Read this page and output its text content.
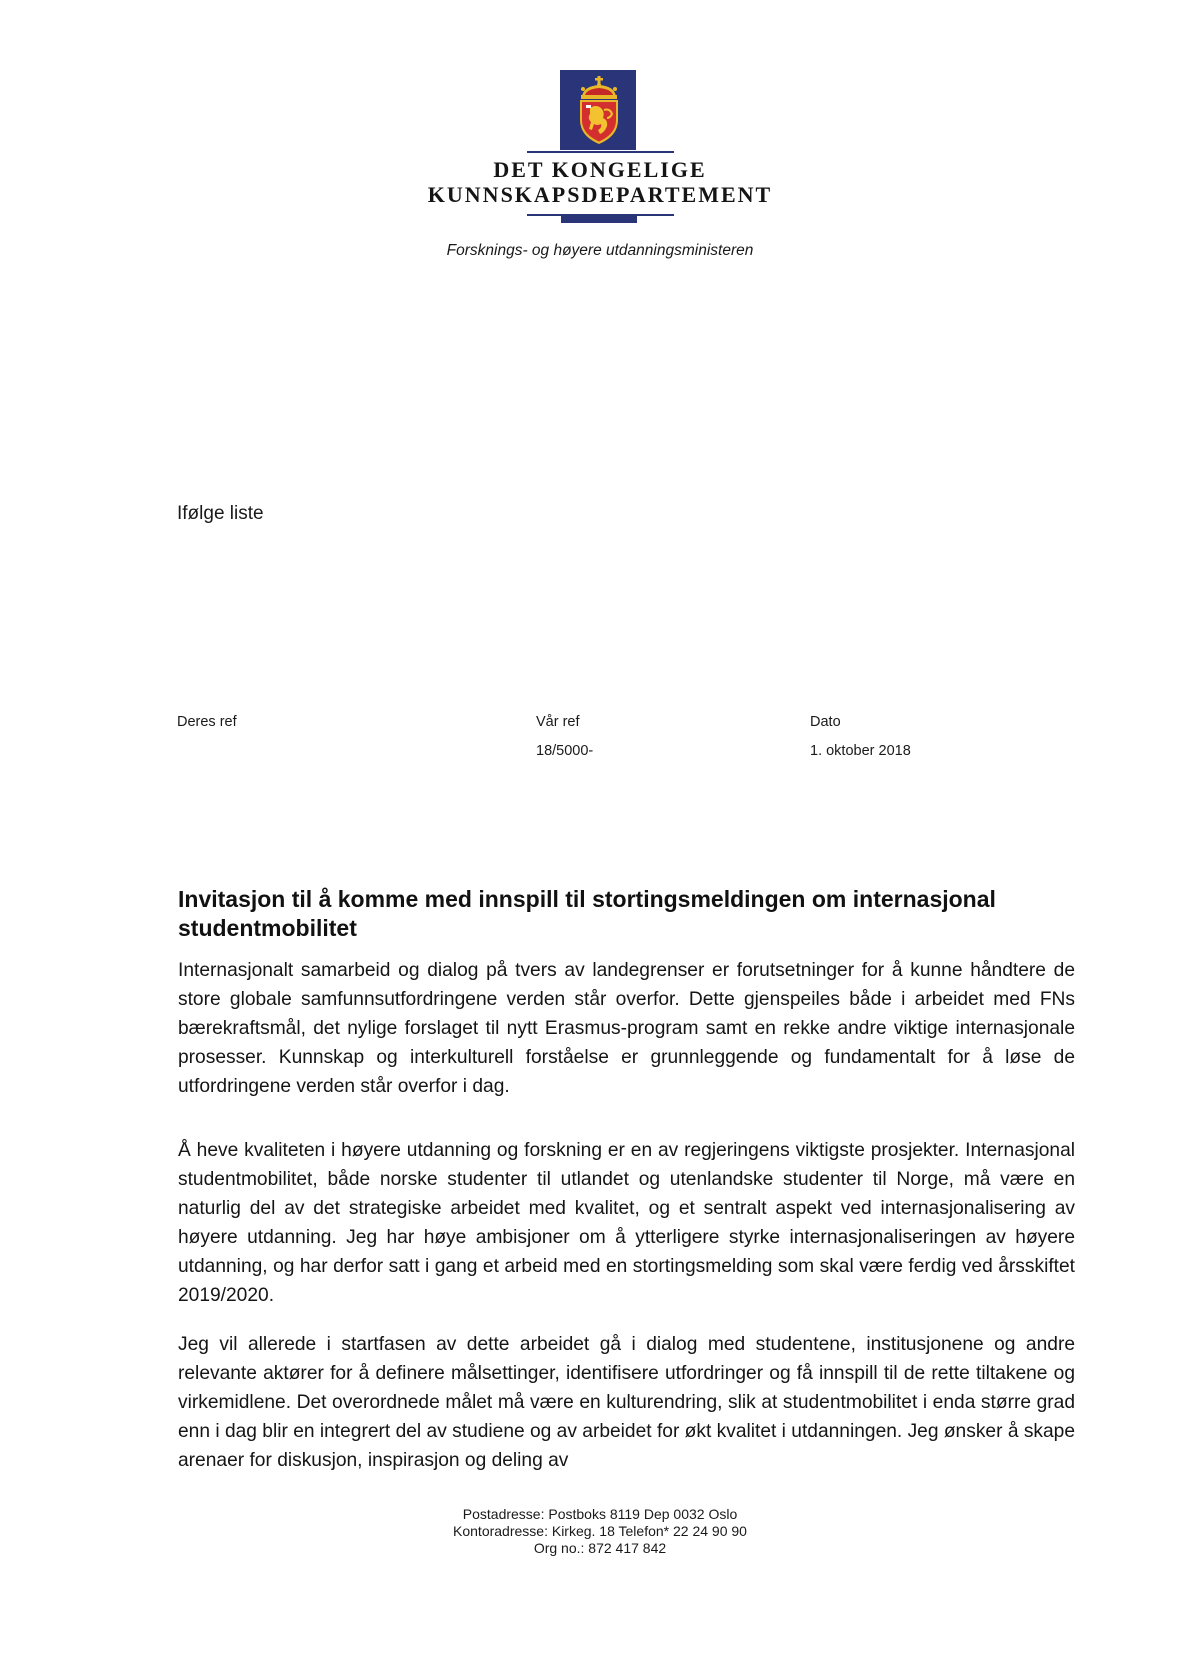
DET KONGELIGE
KUNNSKAPSDEPARTEMENT
Forsknings- og høyere utdanningsministeren
Ifølge liste
Deres ref	Vår ref
18/5000-
Dato
1. oktober 2018
Invitasjon til å komme med innspill til stortingsmeldingen om internasjonal studentmobilitet
Internasjonalt samarbeid og dialog på tvers av landegrenser er forutsetninger for å kunne håndtere de store globale samfunnsutfordringene verden står overfor. Dette gjenspeiles både i arbeidet med FNs bærekraftsmål, det nylige forslaget til nytt Erasmus-program samt en rekke andre viktige internasjonale prosesser. Kunnskap og interkulturell forståelse er grunnleggende og fundamentalt for å løse de utfordringene verden står overfor i dag.
Å heve kvaliteten i høyere utdanning og forskning er en av regjeringens viktigste prosjekter. Internasjonal studentmobilitet, både norske studenter til utlandet og utenlandske studenter til Norge, må være en naturlig del av det strategiske arbeidet med kvalitet, og et sentralt aspekt ved internasjonalisering av høyere utdanning. Jeg har høye ambisjoner om å ytterligere styrke internasjonaliseringen av høyere utdanning, og har derfor satt i gang et arbeid med en stortingsmelding som skal være ferdig ved årsskiftet 2019/2020.
Jeg vil allerede i startfasen av dette arbeidet gå i dialog med studentene, institusjonene og andre relevante aktører for å definere målsettinger, identifisere utfordringer og få innspill til de rette tiltakene og virkemidlene. Det overordnede målet må være en kulturendring, slik at studentmobilitet i enda større grad enn i dag blir en integrert del av studiene og av arbeidet for økt kvalitet i utdanningen. Jeg ønsker å skape arenaer for diskusjon, inspirasjon og deling av
Postadresse: Postboks 8119 Dep 0032 Oslo
Kontoradresse: Kirkeg. 18 Telefon* 22 24 90 90
Org no.: 872 417 842
